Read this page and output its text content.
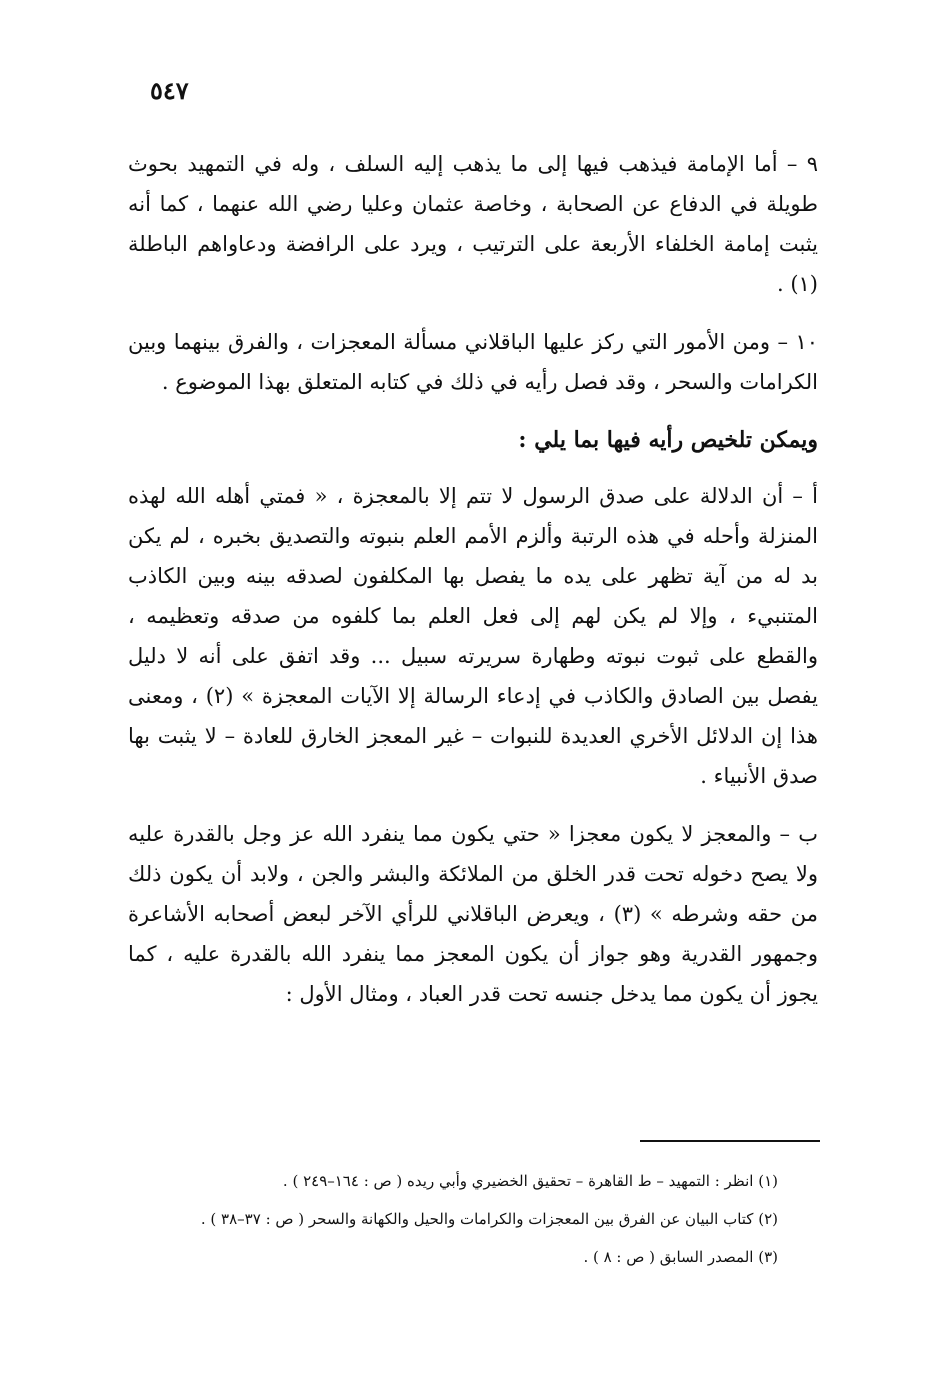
٥٤٧

٩ – أما الإمامة فيذهب فيها إلى ما يذهب إليه السلف ، وله في التمهيد بحوث طويلة في الدفاع عن الصحابة ، وخاصة عثمان وعليا رضي الله عنهما ، كما أنه يثبت إمامة الخلفاء الأربعة على الترتيب ، ويرد على الرافضة ودعاواهم الباطلة (١) .

١٠ – ومن الأمور التي ركز عليها الباقلاني مسألة المعجزات ، والفرق بينهما وبين الكرامات والسحر ، وقد فصل رأيه في ذلك في كتابه المتعلق بهذا الموضوع .

ويمكن تلخيص رأيه فيها بما يلي :

أ – أن الدلالة على صدق الرسول لا تتم إلا بالمعجزة ، « فمتي أهله الله لهذه المنزلة وأحله في هذه الرتبة وألزم الأمم العلم بنبوته والتصديق بخبره ، لم يكن بد له من آية تظهر على يده ما يفصل بها المكلفون لصدقه بينه وبين الكاذب المتنبيء ، وإلا لم يكن لهم إلى فعل العلم بما كلفوه من صدقه وتعظيمه ، والقطع على ثبوت نبوته وطهارة سريرته سبيل ... وقد اتفق على أنه لا دليل يفصل بين الصادق والكاذب في إدعاء الرسالة إلا الآيات المعجزة » (٢) ، ومعنى هذا إن الدلائل الأخري العديدة للنبوات – غير المعجز الخارق للعادة – لا يثبت بها صدق الأنبياء .

ب – والمعجز لا يكون معجزا « حتي يكون مما ينفرد الله عز وجل بالقدرة عليه ولا يصح دخوله تحت قدر الخلق من الملائكة والبشر والجن ، ولابد أن يكون ذلك من حقه وشرطه » (٣) ، ويعرض الباقلاني للرأي الآخر لبعض أصحابه الأشاعرة وجمهور القدرية وهو جواز أن يكون المعجز مما ينفرد الله بالقدرة عليه ، كما يجوز أن يكون مما يدخل جنسه تحت قدر العباد ، ومثال الأول :

(١) انظر : التمهيد – ط القاهرة – تحقيق الخضيري وأبي ريده ( ص : ١٦٤–٢٤٩ ) .
(٢) كتاب البيان عن الفرق بين المعجزات والكرامات والحيل والكهانة والسحر ( ص : ٣٧–٣٨ ) .
(٣) المصدر السابق ( ص : ٨ ) .
